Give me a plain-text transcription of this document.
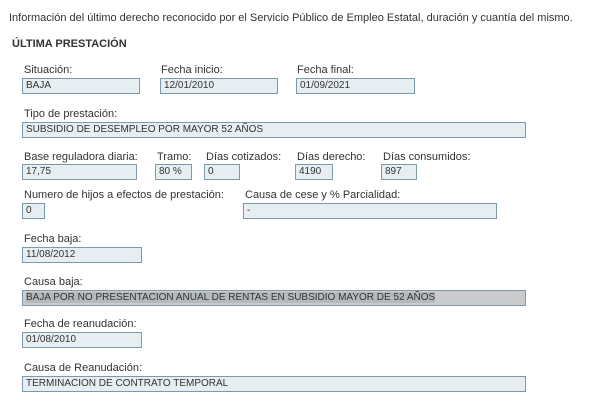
Información del último derecho reconocido por el Servicio Público de Empleo Estatal, duración y cuantía del mismo.
ÚLTIMA PRESTACIÓN
Situación:
BAJA
Fecha inicio:
12/01/2010
Fecha final:
01/09/2021
Tipo de prestación:
SUBSIDIO DE DESEMPLEO POR MAYOR 52 AÑOS
Base reguladora diaria:
17,75
Tramo:
80 %
Días cotizados:
0
Días derecho:
4190
Días consumidos:
897
Numero de hijos a efectos de prestación:
0
Causa de cese y % Parcialidad:
-
Fecha baja:
11/08/2012
Causa baja:
BAJA POR NO PRESENTACION ANUAL DE RENTAS EN SUBSIDIO MAYOR DE 52 AÑOS
Fecha de reanudación:
01/08/2010
Causa de Reanudación:
TERMINACION DE CONTRATO TEMPORAL
